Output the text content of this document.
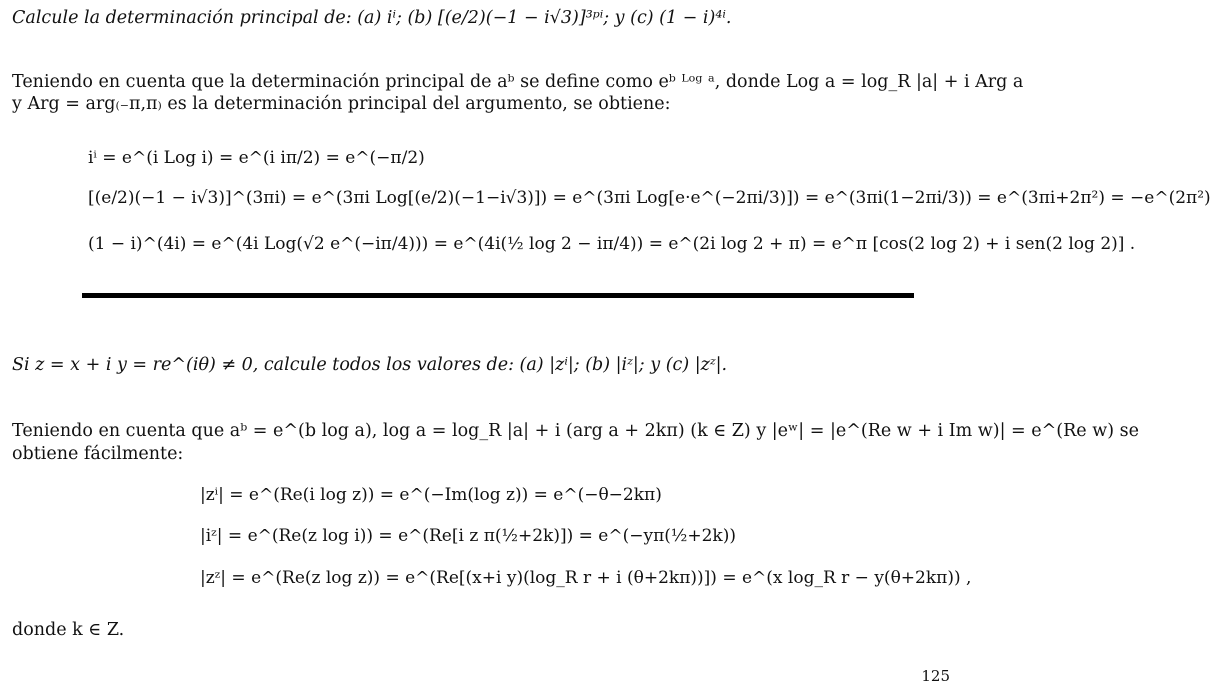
Calcule la determinación principal de: (a) iⁱ; (b) [(e/2)(−1 − i√3)]³ᵖⁱ; y (c) (1 − i)⁴ⁱ.
Teniendo en cuenta que la determinación principal de aᵇ se define como eᵇ ᴸᵒᵍ ᵃ, donde Log a = log_R |a| + i Arg a
y Arg = arg₍₋π,π₎ es la determinación principal del argumento, se obtiene:
iⁱ = e^(i Log i) = e^(i iπ/2) = e^(−π/2)
[(e/2)(−1 − i√3)]^(3πi) = e^(3πi Log[(e/2)(−1−i√3)]) = e^(3πi Log[e·e^(−2πi/3)]) = e^(3πi(1−2πi/3)) = e^(3πi+2π²) = −e^(2π²)
(1 − i)^(4i) = e^(4i Log(√2 e^(−iπ/4))) = e^(4i(½ log 2 − iπ/4)) = e^(2i log 2 + π) = e^π [cos(2 log 2) + i sen(2 log 2)] .
Si z = x + i y = re^(iθ) ≠ 0, calcule todos los valores de: (a) |zⁱ|; (b) |iᶻ|; y (c) |zᶻ|.
Teniendo en cuenta que aᵇ = e^(b log a), log a = log_R |a| + i (arg a + 2kπ) (k ∈ Z) y |eʷ| = |e^(Re w + i Im w)| = e^(Re w) se
obtiene fácilmente:
|zⁱ| = e^(Re(i log z)) = e^(−Im(log z)) = e^(−θ−2kπ)
|iᶻ| = e^(Re(z log i)) = e^(Re[i z π(½+2k)]) = e^(−yπ(½+2k))
|zᶻ| = e^(Re(z log z)) = e^(Re[(x+i y)(log_R r + i (θ+2kπ))]) = e^(x log_R r − y(θ+2kπ)) ,
donde k ∈ Z.
125
